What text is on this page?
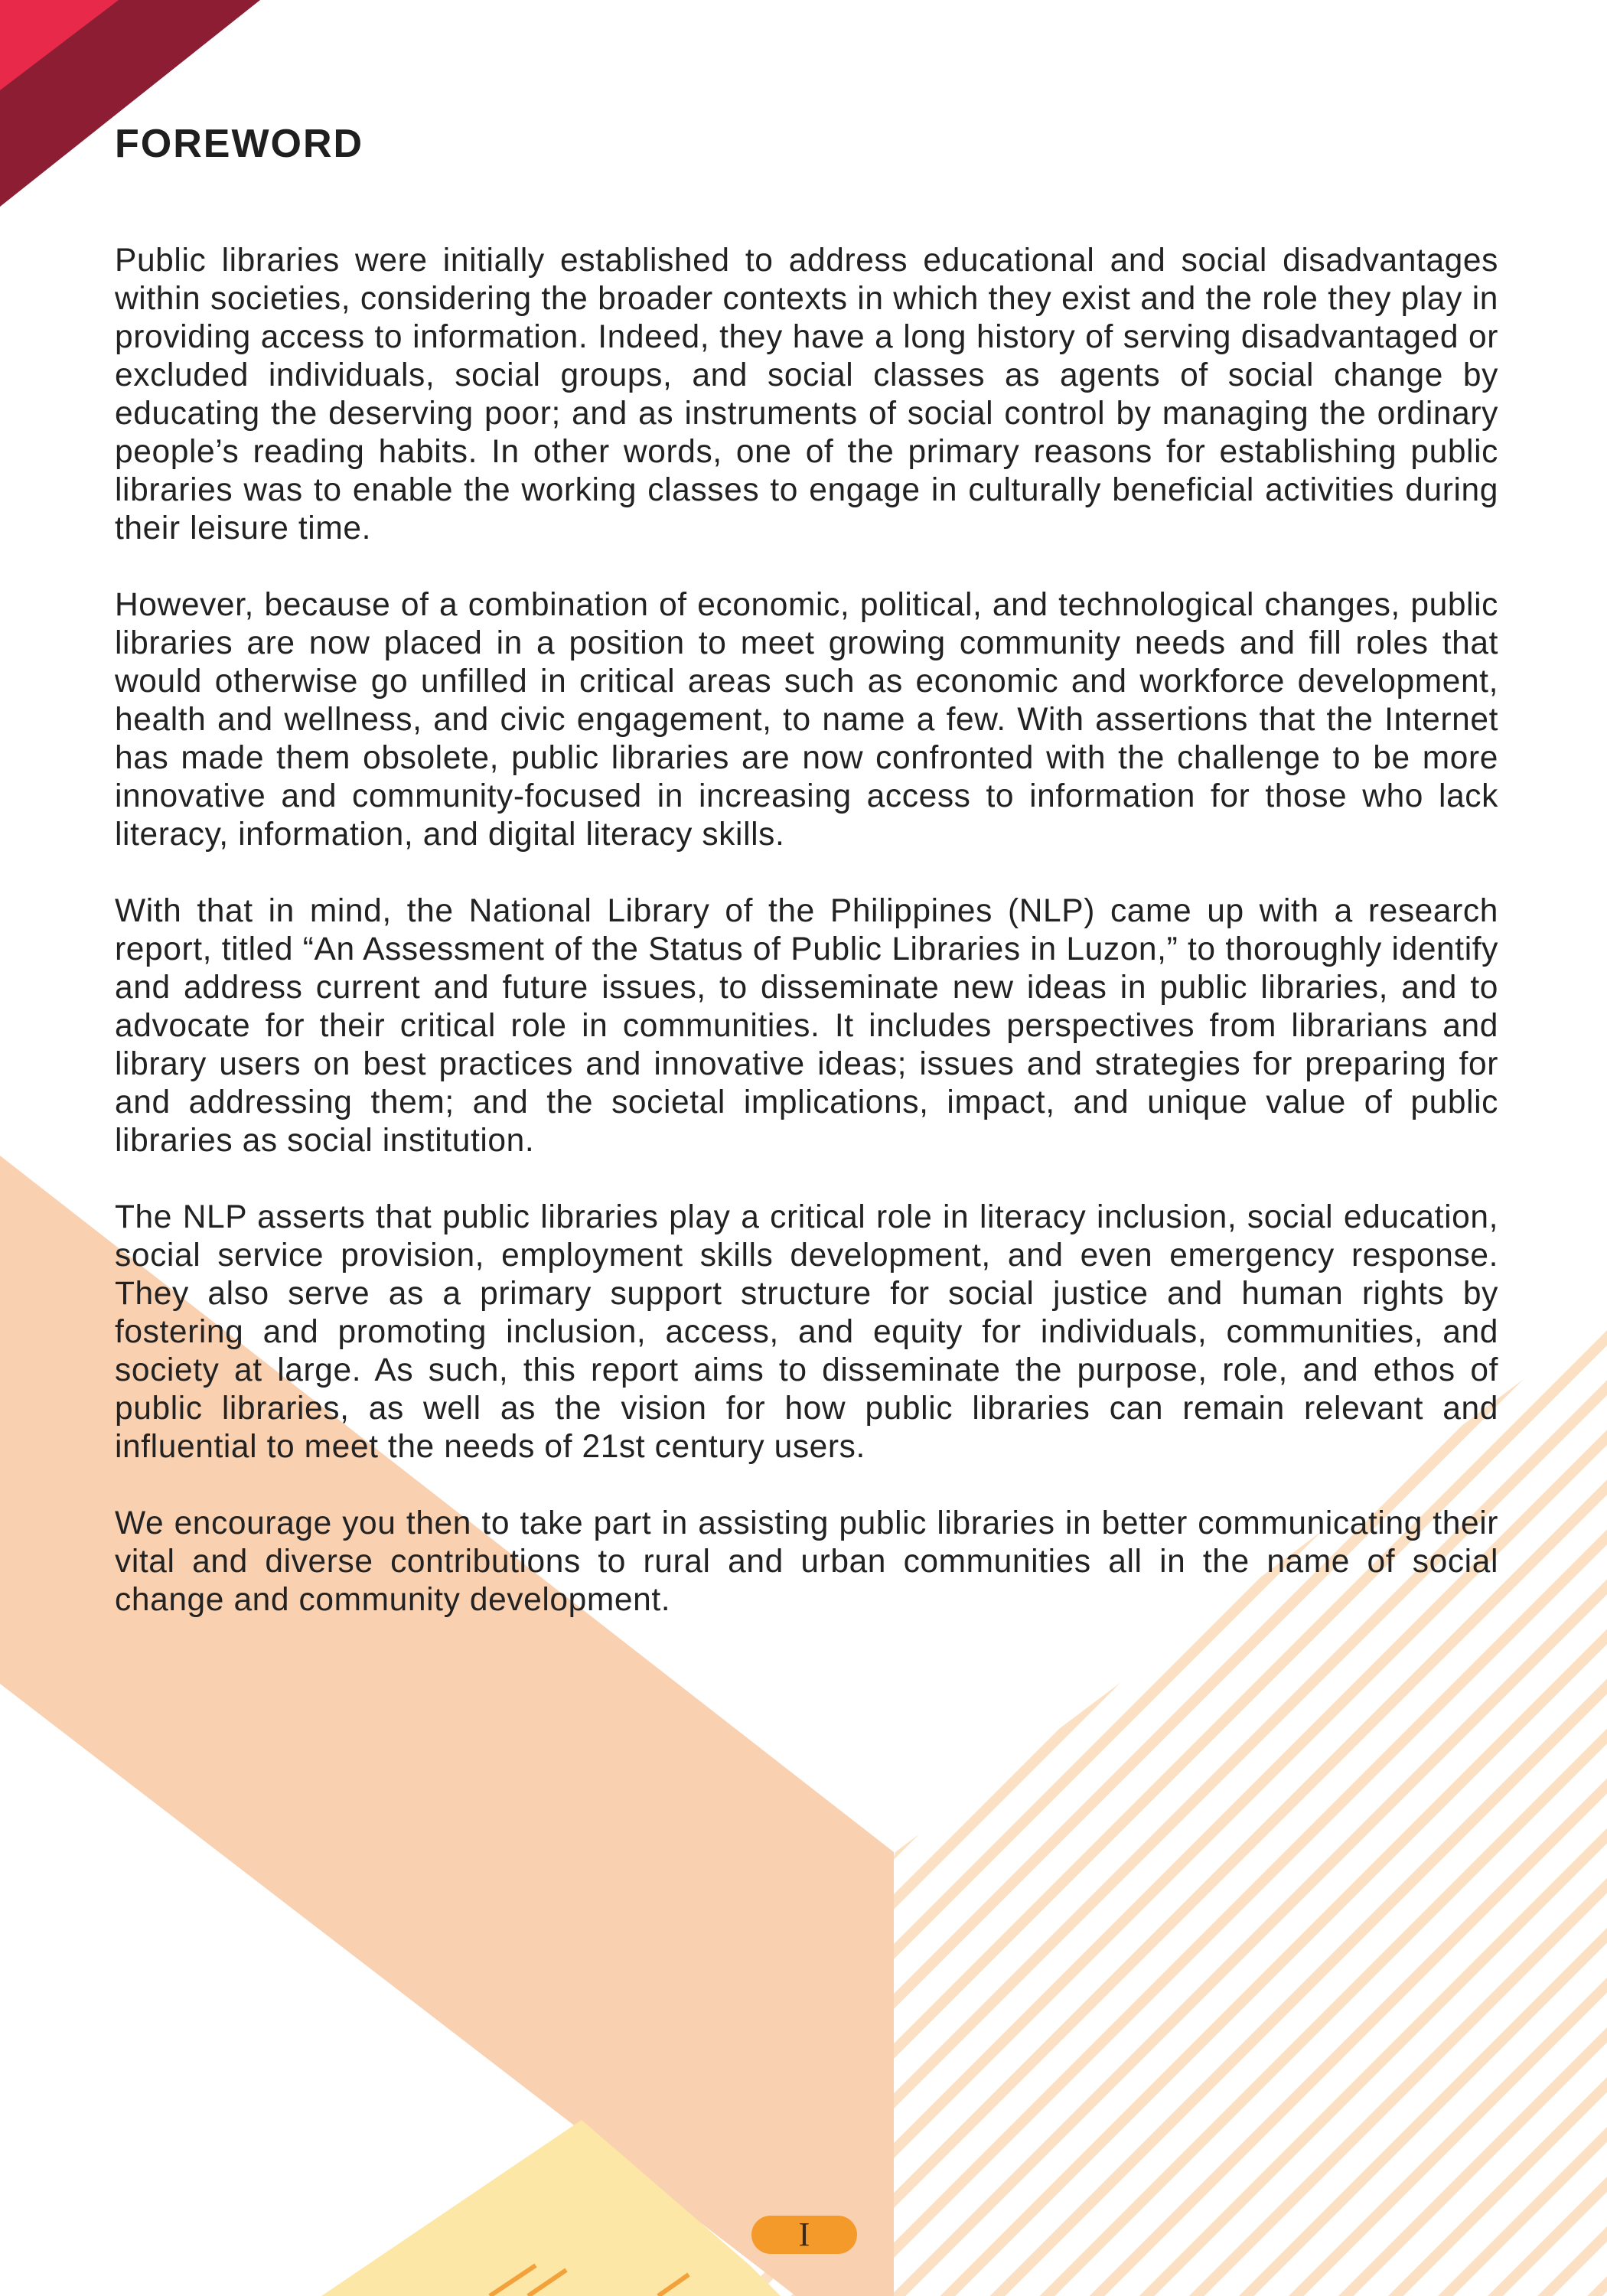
FOREWORD

Public libraries were initially established to address educational and social disadvantages within societies, considering the broader contexts in which they exist and the role they play in providing access to information. Indeed, they have a long history of serving disadvantaged or excluded individuals, social groups, and social classes as agents of social change by educating the deserving poor; and as instruments of social control by managing the ordinary people’s reading habits. In other words, one of the primary reasons for establishing public libraries was to enable the working classes to engage in culturally beneficial activities during their leisure time.

However, because of a combination of economic, political, and technological changes, public libraries are now placed in a position to meet growing community needs and fill roles that would otherwise go unfilled in critical areas such as economic and workforce development, health and wellness, and civic engagement, to name a few. With assertions that the Internet has made them obsolete, public libraries are now confronted with the challenge to be more innovative and community-focused in increasing access to information for those who lack literacy, information, and digital literacy skills.

With that in mind, the National Library of the Philippines (NLP) came up with a research report, titled “An Assessment of the Status of Public Libraries in Luzon,” to thoroughly identify and address current and future issues, to disseminate new ideas in public libraries, and to advocate for their critical role in communities. It includes perspectives from librarians and library users on best practices and innovative ideas; issues and strategies for preparing for and addressing them; and the societal implications, impact, and unique value of public libraries as social institution.

The NLP asserts that public libraries play a critical role in literacy inclusion, social education, social service provision, employment skills development, and even emergency response. They also serve as a primary support structure for social justice and human rights by fostering and promoting inclusion, access, and equity for individuals, communities, and society at large. As such, this report aims to disseminate the purpose, role, and ethos of public libraries, as well as the vision for how public libraries can remain relevant and influential to meet the needs of 21st century users.

We encourage you then to take part in assisting public libraries in better communicating their vital and diverse contributions to rural and urban communities all in the name of social change and community development.

I
